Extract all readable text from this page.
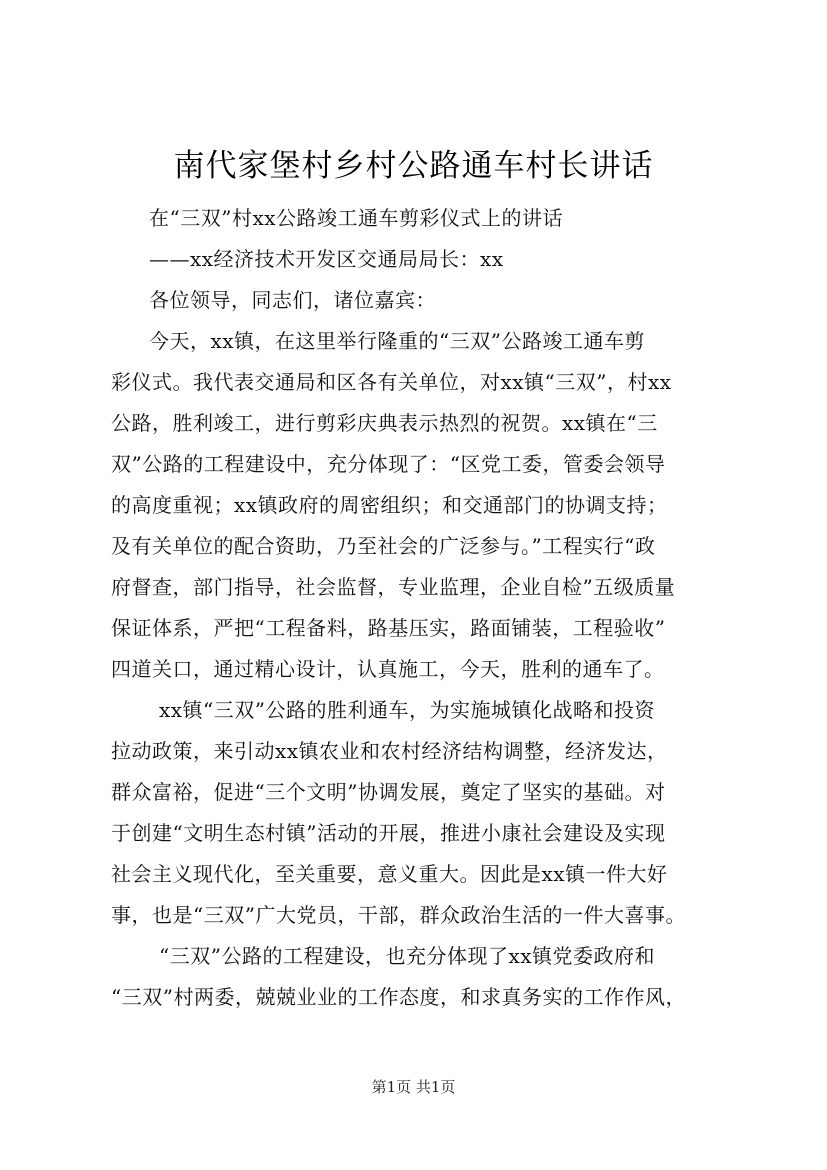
南代家堡村乡村公路通车村长讲话
在“三双”村xx公路竣工通车剪彩仪式上的讲话
——xx经济技术开发区交通局局长：xx
各位领导，同志们，诸位嘉宾：
今天，xx镇，在这里举行隆重的“三双”公路竣工通车剪
彩仪式。我代表交通局和区各有关单位，对xx镇“三双”，村xx
公路，胜利竣工，进行剪彩庆典表示热烈的祝贺。xx镇在“三
双”公路的工程建设中，充分体现了：“区党工委，管委会领导
的高度重视；xx镇政府的周密组织；和交通部门的协调支持；
及有关单位的配合资助，乃至社会的广泛参与。”工程实行“政
府督查，部门指导，社会监督，专业监理，企业自检”五级质量
保证体系，严把“工程备料，路基压实，路面铺装，工程验收”
四道关口，通过精心设计，认真施工，今天，胜利的通车了。
xx镇“三双”公路的胜利通车，为实施城镇化战略和投资
拉动政策，来引动xx镇农业和农村经济结构调整，经济发达，
群众富裕，促进“三个文明”协调发展，奠定了坚实的基础。对
于创建“文明生态村镇”活动的开展，推进小康社会建设及实现
社会主义现代化，至关重要，意义重大。因此是xx镇一件大好
事，也是“三双”广大党员，干部，群众政治生活的一件大喜事。
“三双”公路的工程建设，也充分体现了xx镇党委政府和
“三双”村两委，兢兢业业的工作态度，和求真务实的工作作风，
第1页 共1页
